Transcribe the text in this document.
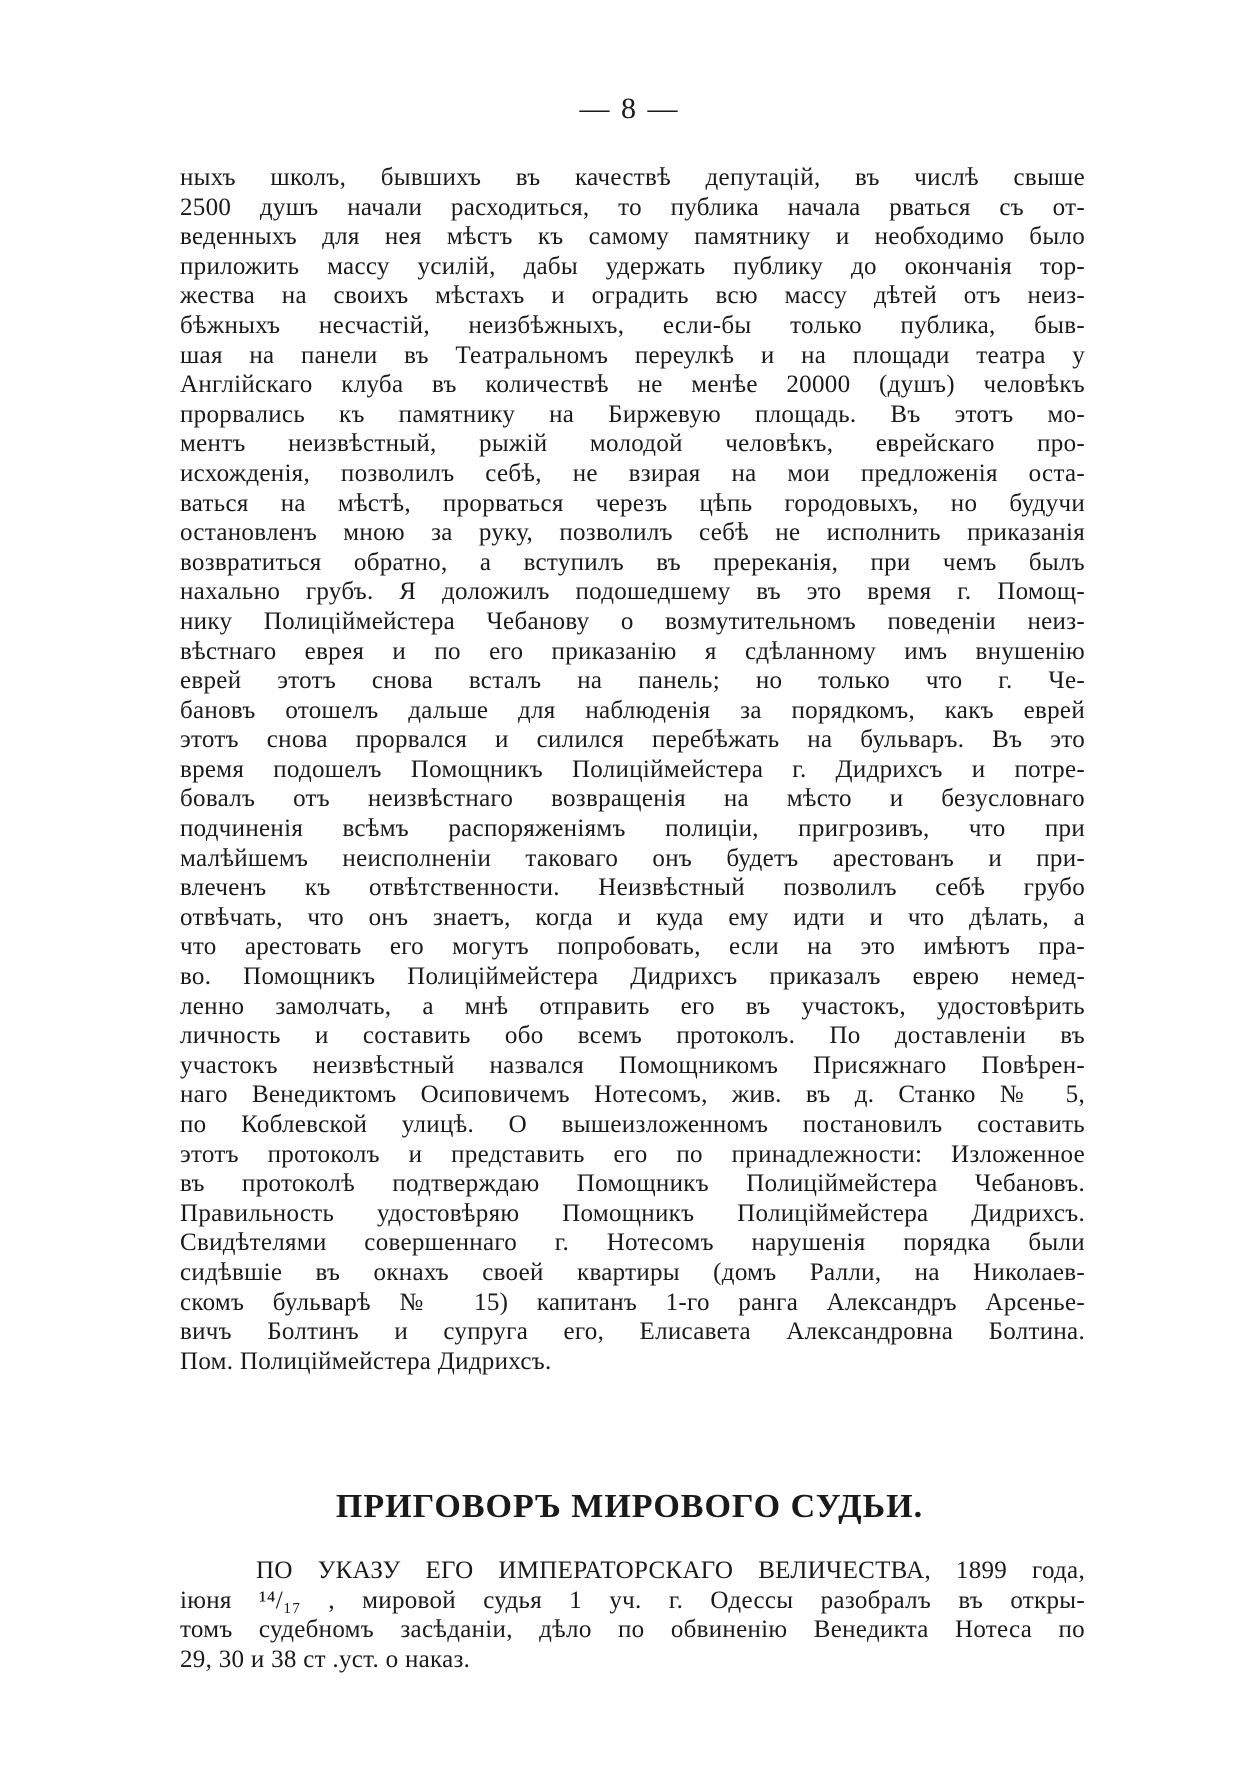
— 8 —
ныхъ школъ, бывшихъ въ качествѣ депутацій, въ числѣ свыше
2500 душъ начали расходиться, то публика начала рваться съ от-
веденныхъ для нея мѣстъ къ самому памятнику и необходимо было
приложить массу усилій, дабы удержать публику до окончанія тор-
жества на своихъ мѣстахъ и оградить всю массу дѣтей отъ неиз-
бѣжныхъ несчастій, неизбѣжныхъ, если-бы только публика, быв-
шая на панели въ Театральномъ переулкѣ и на площади театра у
Англійскаго клуба въ количествѣ не менѣе 20000 (душъ) человѣкъ
прорвались къ памятнику на Биржевую площадь. Въ этотъ мо-
ментъ неизвѣстный, рыжій молодой человѣкъ, еврейскаго про-
исхожденія, позволилъ себѣ, не взирая на мои предложенія оста-
ваться на мѣстѣ, прорваться черезъ цѣпь городовыхъ, но будучи
остановленъ мною за руку, позволилъ себѣ не исполнить приказанія
возвратиться обратно, а вступилъ въ пререканія, при чемъ былъ
нахально грубъ. Я доложилъ подошедшему въ это время г. Помощ-
нику Полиціймейстера Чебанову о возмутительномъ поведеніи неиз-
вѣстнаго еврея и по его приказанію я сдѣланному имъ внушенію
еврей этотъ снова всталъ на панель; но только что г. Че-
бановъ отошелъ дальше для наблюденія за порядкомъ, какъ еврей
этотъ снова прорвался и силился перебѣжать на бульваръ. Въ это
время подошелъ Помощникъ Полиціймейстера г. Дидрихсъ и потре-
бовалъ отъ неизвѣстнаго возвращенія на мѣсто и безусловнаго
подчиненія всѣмъ распоряженіямъ полиціи, пригрозивъ, что при
малѣйшемъ неисполненіи таковаго онъ будетъ арестованъ и при-
влеченъ къ отвѣтственности. Неизвѣстный позволилъ себѣ грубо
отвѣчать, что онъ знаетъ, когда и куда ему идти и что дѣлать, а
что арестовать его могутъ попробовать, если на это имѣютъ пра-
во. Помощникъ Полиціймейстера Дидрихсъ приказалъ еврею немед-
ленно замолчать, а мнѣ отправить его въ участокъ, удостовѣрить
личность и составить обо всемъ протоколъ. По доставленіи въ
участокъ неизвѣстный назвался Помощникомъ Присяжнаго Повѣрен-
наго Венедиктомъ Осиповичемъ Нотесомъ, жив. въ д. Станко № 5,
по Коблевской улицѣ. О вышеизложенномъ постановилъ составить
этотъ протоколъ и представить его по принадлежности: Изложенное
въ протоколѣ подтверждаю Помощникъ Полиціймейстера Чебановъ.
Правильность удостовѣряю Помощникъ Полиціймейстера Дидрихсъ.
Свидѣтелями совершеннаго г. Нотесомъ нарушенія порядка были
сидѣвшіе въ окнахъ своей квартиры (домъ Ралли, на Николаев-
скомъ бульварѣ № 15) капитанъ 1-го ранга Александръ Арсенье-
вичъ Болтинъ и супруга его, Елисавета Александровна Болтина.
Пом. Полиціймейстера Дидрихсъ.
ПРИГОВОРЪ МИРОВОГО СУДЬИ.
ПО УКАЗУ ЕГО ИМПЕРАТОРСКАГО ВЕЛИЧЕСТВА, 1899 года,
іюня ¹⁴/₁₇ , мировой судья 1 уч. г. Одессы разобралъ въ откры-
томъ судебномъ засѣданіи, дѣло по обвиненію Венедикта Нотеса по
29, 30 и 38 ст .уст. о наказ.
